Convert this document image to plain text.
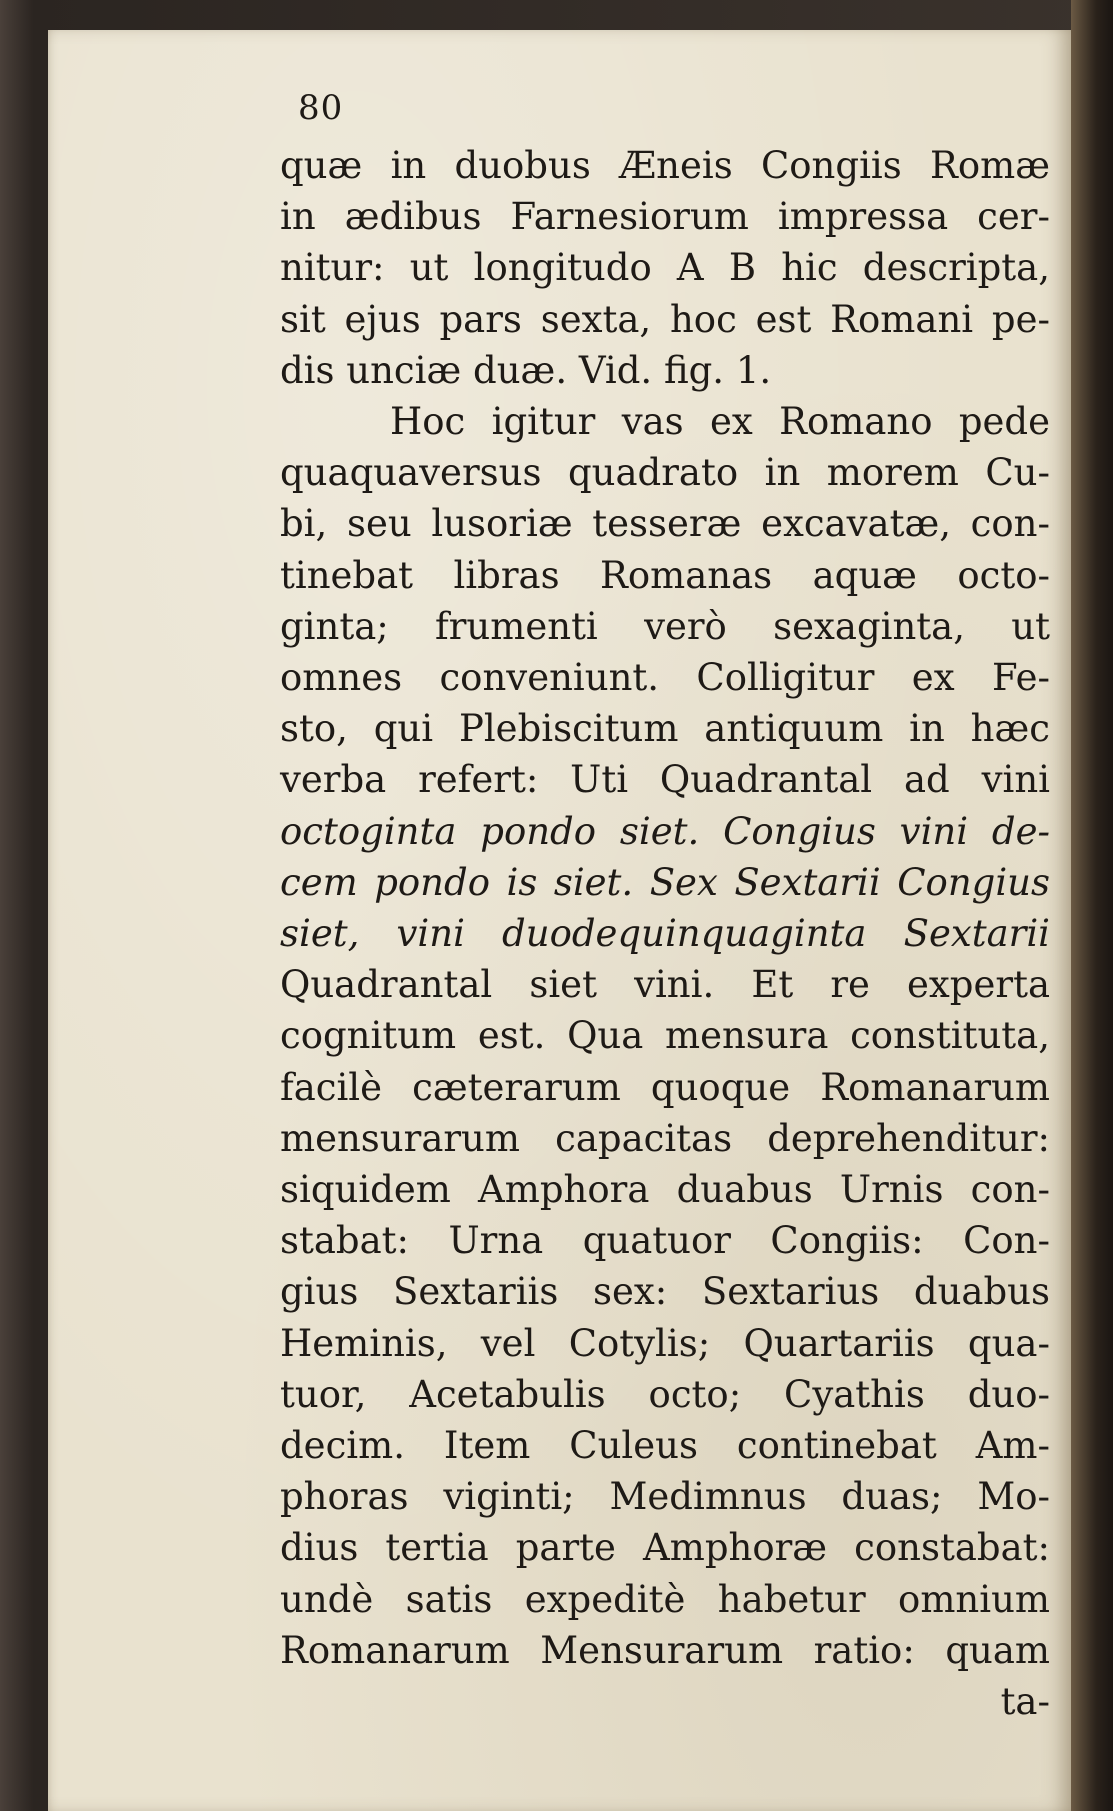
80
quæ in duobus Æneis Congiis Romæ
in ædibus Farnesiorum impressa cer-
nitur: ut longitudo A B hic descripta,
sit ejus pars sexta, hoc est Romani pe-
dis unciæ duæ. Vid. fig. 1.
Hoc igitur vas ex Romano pede
quaquaversus quadrato in morem Cu-
bi, seu lusoriæ tesseræ excavatæ, con-
tinebat libras Romanas aquæ octo-
ginta; frumenti verò sexaginta, ut
omnes conveniunt. Colligitur ex Fe-
sto, qui Plebiscitum antiquum in hæc
verba refert: Uti Quadrantal ad vini
octoginta pondo siet. Congius vini de-
cem pondo is siet. Sex Sextarii Congius
siet, vini duodequinquaginta Sextarii
Quadrantal siet vini. Et re experta
cognitum est. Qua mensura constituta,
facilè cæterarum quoque Romanarum
mensurarum capacitas deprehenditur:
siquidem Amphora duabus Urnis con-
stabat: Urna quatuor Congiis: Con-
gius Sextariis sex: Sextarius duabus
Heminis, vel Cotylis; Quartariis qua-
tuor, Acetabulis octo; Cyathis duo-
decim. Item Culeus continebat Am-
phoras viginti; Medimnus duas; Mo-
dius tertia parte Amphoræ constabat:
undè satis expeditè habetur omnium
Romanarum Mensurarum ratio: quam
ta-
